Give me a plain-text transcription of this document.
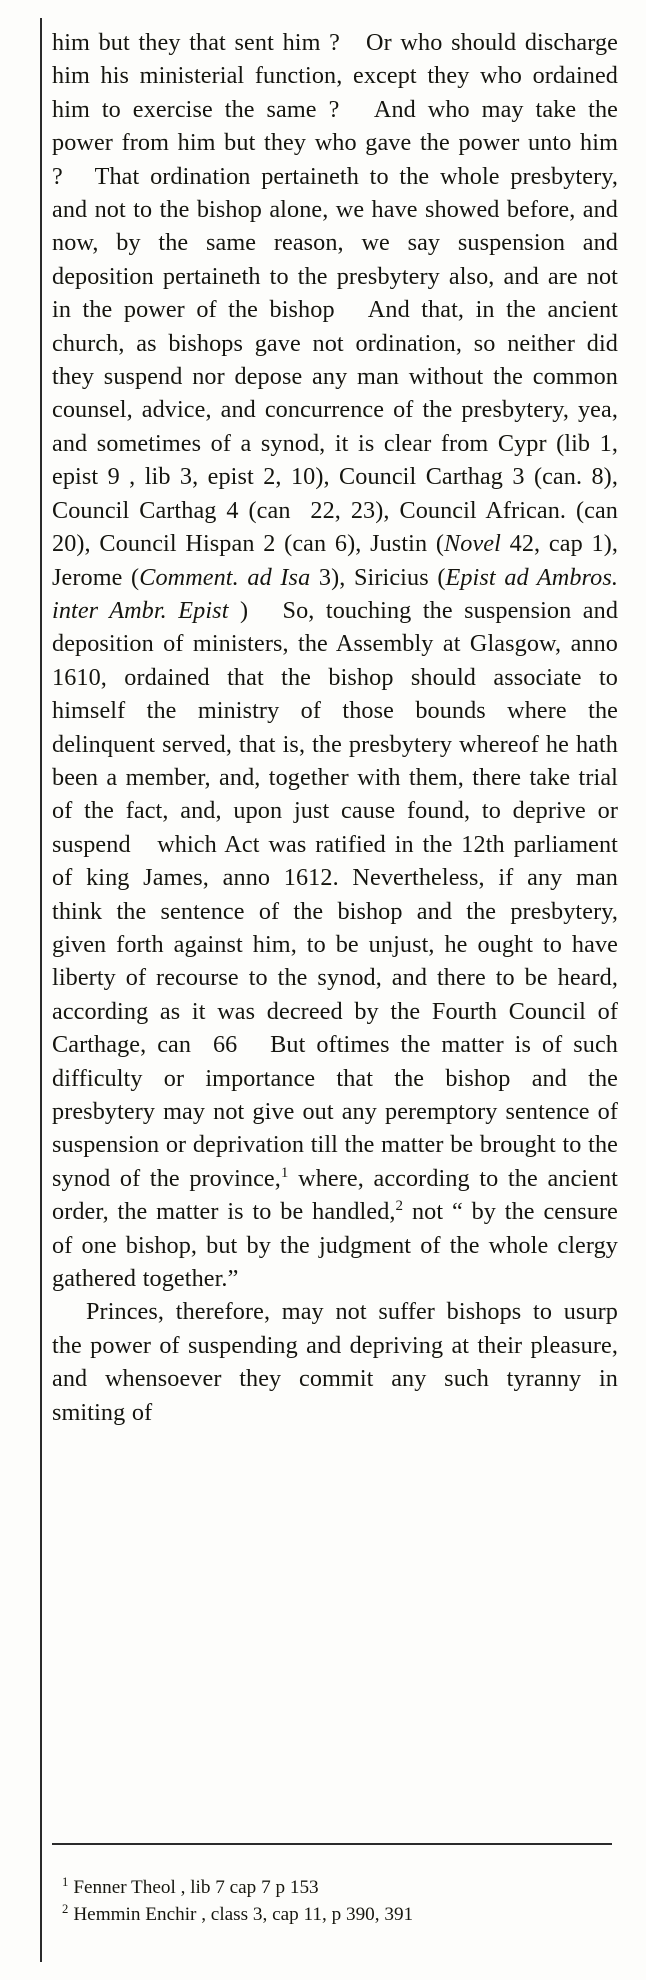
him but they that sent him ?   Or who should discharge him his ministerial function, except they who ordained him to exercise the same ?   And who may take the power from him but they who gave the power unto him ?   That ordination pertaineth to the whole presbytery, and not to the bishop alone, we have showed before, and now, by the same reason, we say suspension and deposition pertaineth to the presbytery also, and are not in the power of the bishop   And that, in the ancient church, as bishops gave not ordination, so neither did they suspend nor depose any man without the common counsel, advice, and concurrence of the presbytery, yea, and sometimes of a synod, it is clear from Cypr (lib 1, epist 9 , lib 3, epist 2, 10), Council Carthag 3 (can. 8), Council Carthag 4 (can  22, 23), Council African. (can 20), Council Hispan 2 (can 6), Justin (Novel 42, cap 1), Jerome (Comment. ad Isa 3), Siricius (Epist ad Ambros. inter Ambr. Epist )   So, touching the suspension and deposition of ministers, the Assembly at Glasgow, anno 1610, ordained that the bishop should associate to himself the ministry of those bounds where the delinquent served, that is, the presbytery whereof he hath been a member, and, together with them, there take trial of the fact, and, upon just cause found, to deprive or suspend   which Act was ratified in the 12th parliament of king James, anno 1612. Nevertheless, if any man think the sentence of the bishop and the presbytery, given forth against him, to be unjust, he ought to have liberty of recourse to the synod, and there to be heard, according as it was decreed by the Fourth Council of Carthage, can  66   But oftimes the matter is of such difficulty or importance that the bishop and the presbytery may not give out any peremptory sentence of suspension or deprivation till the matter be brought to the synod of the province,$^1$ where, according to the ancient order, the matter is to be handled,$^2$ not “ by the censure of one bishop, but by the judgment of the whole clergy gathered together.”

Princes, therefore, may not suffer bishops to usurp the power of suspending and depriving at their pleasure, and whensoever they commit any such tyranny in smiting of

$^1$ Fenner Theol , lib 7 cap 7 p 153
$^2$ Hemmin Enchir , class 3, cap 11, p 390, 391
